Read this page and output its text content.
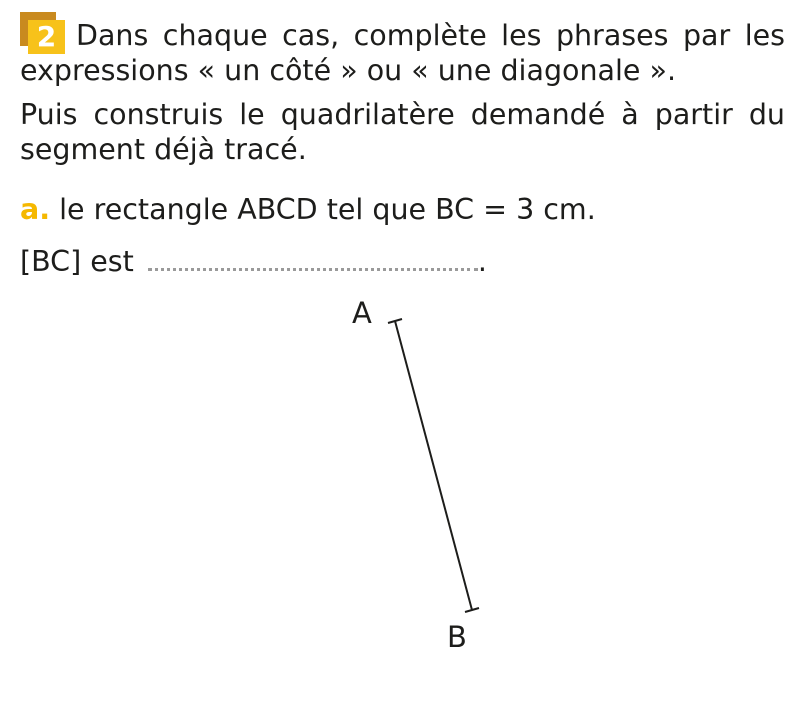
2 Dans chaque cas, complète les phrases par les
expressions « un côté » ou « une diagonale ».
Puis construis le quadrilatère demandé à partir du
segment déjà tracé.
a. le rectangle ABCD tel que BC = 3 cm.
[BC] est	.
A
B
